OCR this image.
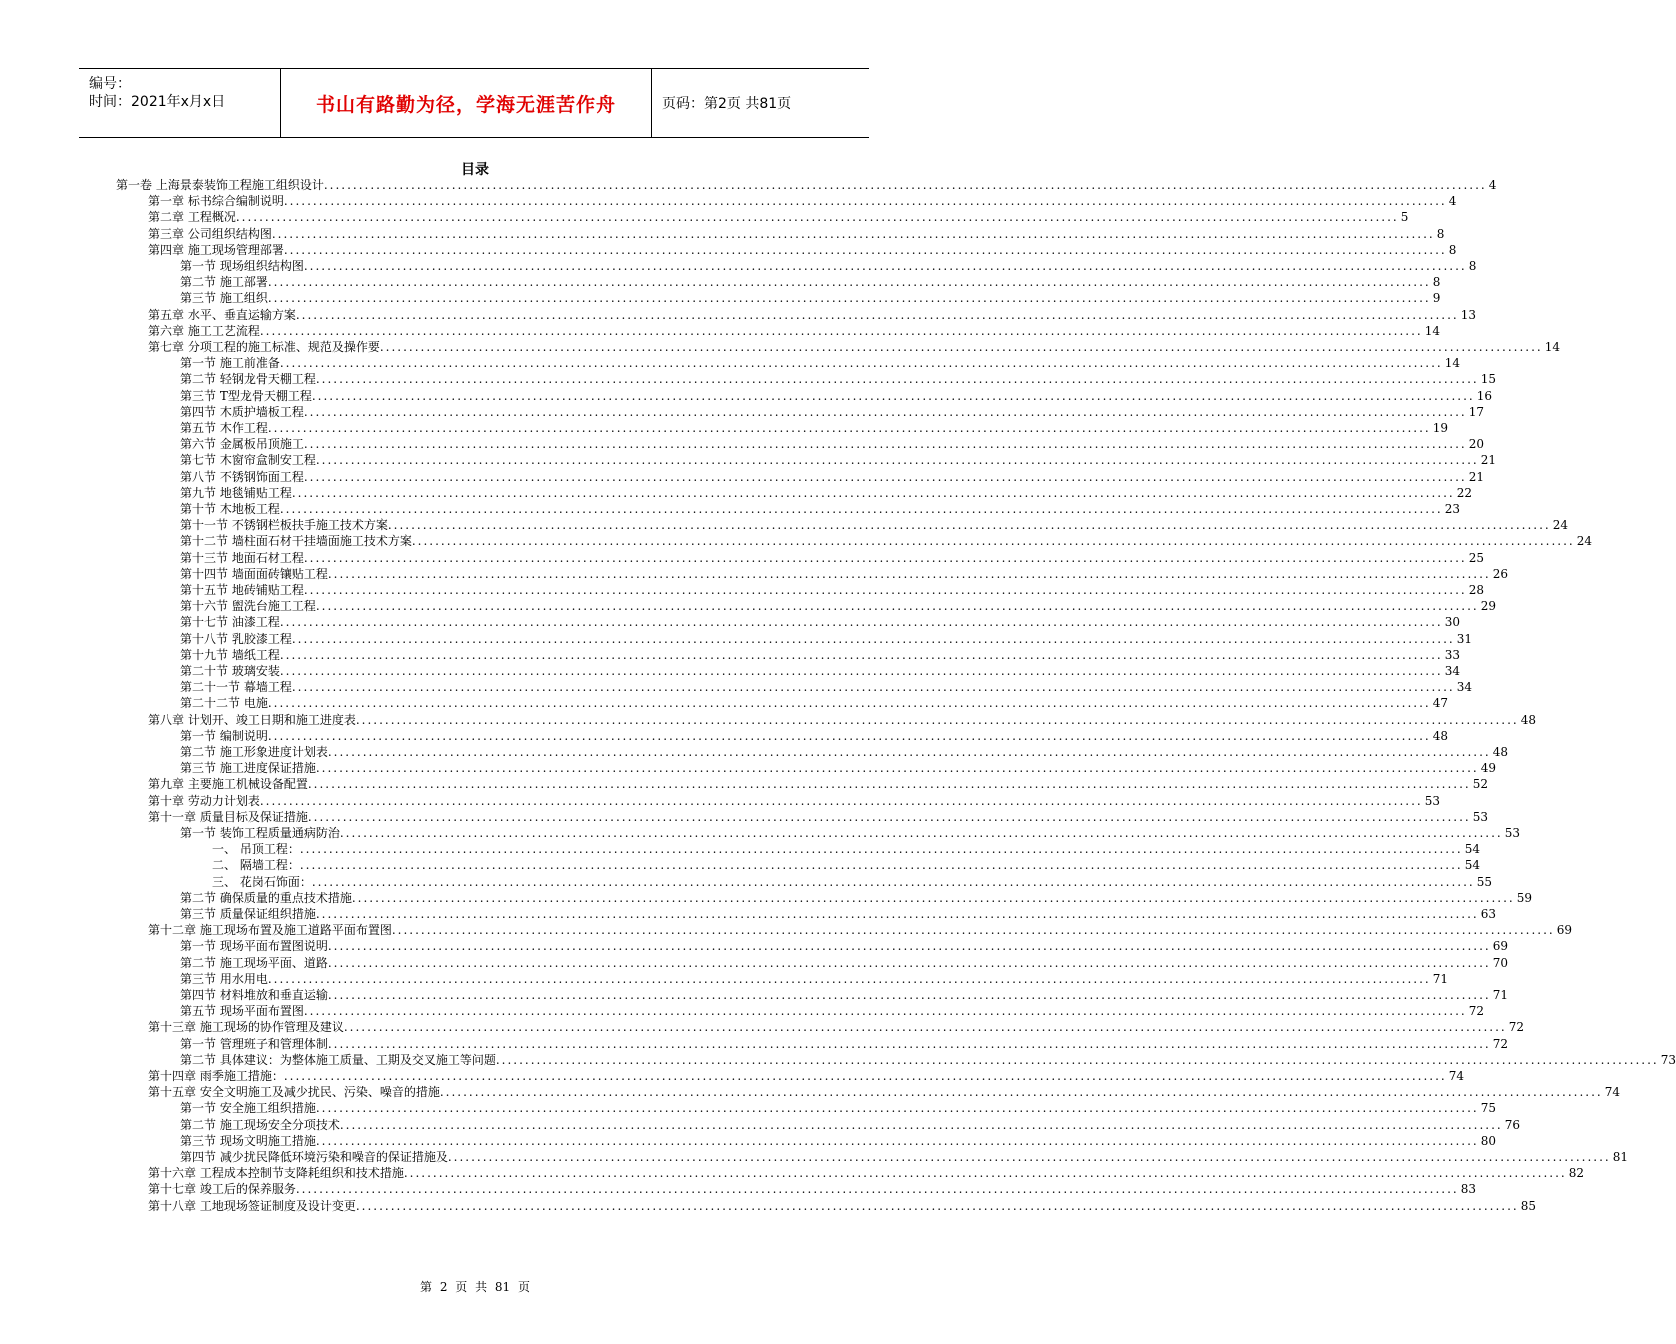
编号：
时间：2021年x月x日	书山有路勤为径，学海无涯苦作舟	页码：第2页 共81页
目录
第一卷 上海景泰装饰工程施工组织设计 ........................................................................................................................................................................................................ 4
第一章 标书综合编制说明 ........................................................................................................................................................................................................ 4
第二章 工程概况 ........................................................................................................................................................................................................ 5
第三章 公司组织结构图 ........................................................................................................................................................................................................ 8
第四章 施工现场管理部署 ........................................................................................................................................................................................................ 8
第一节 现场组织结构图 ........................................................................................................................................................................................................ 8
第二节 施工部署 ........................................................................................................................................................................................................ 8
第三节 施工组织 ........................................................................................................................................................................................................ 9
第五章 水平、垂直运输方案 ........................................................................................................................................................................................................ 13
第六章 施工工艺流程 ........................................................................................................................................................................................................ 14
第七章 分项工程的施工标准、规范及操作要 ........................................................................................................................................................................................................ 14
第一节 施工前准备 ........................................................................................................................................................................................................ 14
第二节 轻钢龙骨天棚工程 ........................................................................................................................................................................................................ 15
第三节 T型龙骨天棚工程 ........................................................................................................................................................................................................ 16
第四节 木质护墙板工程 ........................................................................................................................................................................................................ 17
第五节 木作工程 ........................................................................................................................................................................................................ 19
第六节 金属板吊顶施工 ........................................................................................................................................................................................................ 20
第七节 木窗帘盒制安工程 ........................................................................................................................................................................................................ 21
第八节 不锈钢饰面工程 ........................................................................................................................................................................................................ 21
第九节 地毯铺贴工程 ........................................................................................................................................................................................................ 22
第十节 木地板工程 ........................................................................................................................................................................................................ 23
第十一节 不锈钢栏板扶手施工技术方案 ........................................................................................................................................................................................................ 24
第十二节 墙柱面石材干挂墙面施工技术方案 ........................................................................................................................................................................................................ 24
第十三节 地面石材工程 ........................................................................................................................................................................................................ 25
第十四节 墙面面砖镶贴工程 ........................................................................................................................................................................................................ 26
第十五节 地砖铺贴工程 ........................................................................................................................................................................................................ 28
第十六节 盥洗台施工工程 ........................................................................................................................................................................................................ 29
第十七节 油漆工程 ........................................................................................................................................................................................................ 30
第十八节 乳胶漆工程 ........................................................................................................................................................................................................ 31
第十九节 墙纸工程 ........................................................................................................................................................................................................ 33
第二十节 玻璃安装 ........................................................................................................................................................................................................ 34
第二十一节 幕墙工程 ........................................................................................................................................................................................................ 34
第二十二节 电施 ........................................................................................................................................................................................................ 47
第八章 计划开、竣工日期和施工进度表 ........................................................................................................................................................................................................ 48
第一节 编制说明 ........................................................................................................................................................................................................ 48
第二节 施工形象进度计划表 ........................................................................................................................................................................................................ 48
第三节 施工进度保证措施 ........................................................................................................................................................................................................ 49
第九章 主要施工机械设备配置 ........................................................................................................................................................................................................ 52
第十章 劳动力计划表 ........................................................................................................................................................................................................ 53
第十一章 质量目标及保证措施 ........................................................................................................................................................................................................ 53
第一节 装饰工程质量通病防治 ........................................................................................................................................................................................................ 53
一、 吊顶工程： ........................................................................................................................................................................................................ 54
二、 隔墙工程： ........................................................................................................................................................................................................ 54
三、 花岗石饰面： ........................................................................................................................................................................................................ 55
第二节 确保质量的重点技术措施 ........................................................................................................................................................................................................ 59
第三节 质量保证组织措施 ........................................................................................................................................................................................................ 63
第十二章 施工现场布置及施工道路平面布置图 ........................................................................................................................................................................................................ 69
第一节 现场平面布置图说明 ........................................................................................................................................................................................................ 69
第二节 施工现场平面、道路 ........................................................................................................................................................................................................ 70
第三节 用水用电 ........................................................................................................................................................................................................ 71
第四节 材料堆放和垂直运输 ........................................................................................................................................................................................................ 71
第五节 现场平面布置图 ........................................................................................................................................................................................................ 72
第十三章 施工现场的协作管理及建议 ........................................................................................................................................................................................................ 72
第一节 管理班子和管理体制 ........................................................................................................................................................................................................ 72
第二节 具体建议：为整体施工质量、工期及交叉施工等问题 ........................................................................................................................................................................................................ 73
第十四章 雨季施工措施： ........................................................................................................................................................................................................ 74
第十五章 安全文明施工及减少扰民、污染、噪音的措施 ........................................................................................................................................................................................................ 74
第一节 安全施工组织措施 ........................................................................................................................................................................................................ 75
第二节 施工现场安全分项技术 ........................................................................................................................................................................................................ 76
第三节 现场文明施工措施 ........................................................................................................................................................................................................ 80
第四节 减少扰民降低环境污染和噪音的保证措施及 ........................................................................................................................................................................................................ 81
第十六章 工程成本控制节支降耗组织和技术措施 ........................................................................................................................................................................................................ 82
第十七章 竣工后的保养服务 ........................................................................................................................................................................................................ 83
第十八章 工地现场签证制度及设计变更 ........................................................................................................................................................................................................ 85
第 2 页 共 81 页
